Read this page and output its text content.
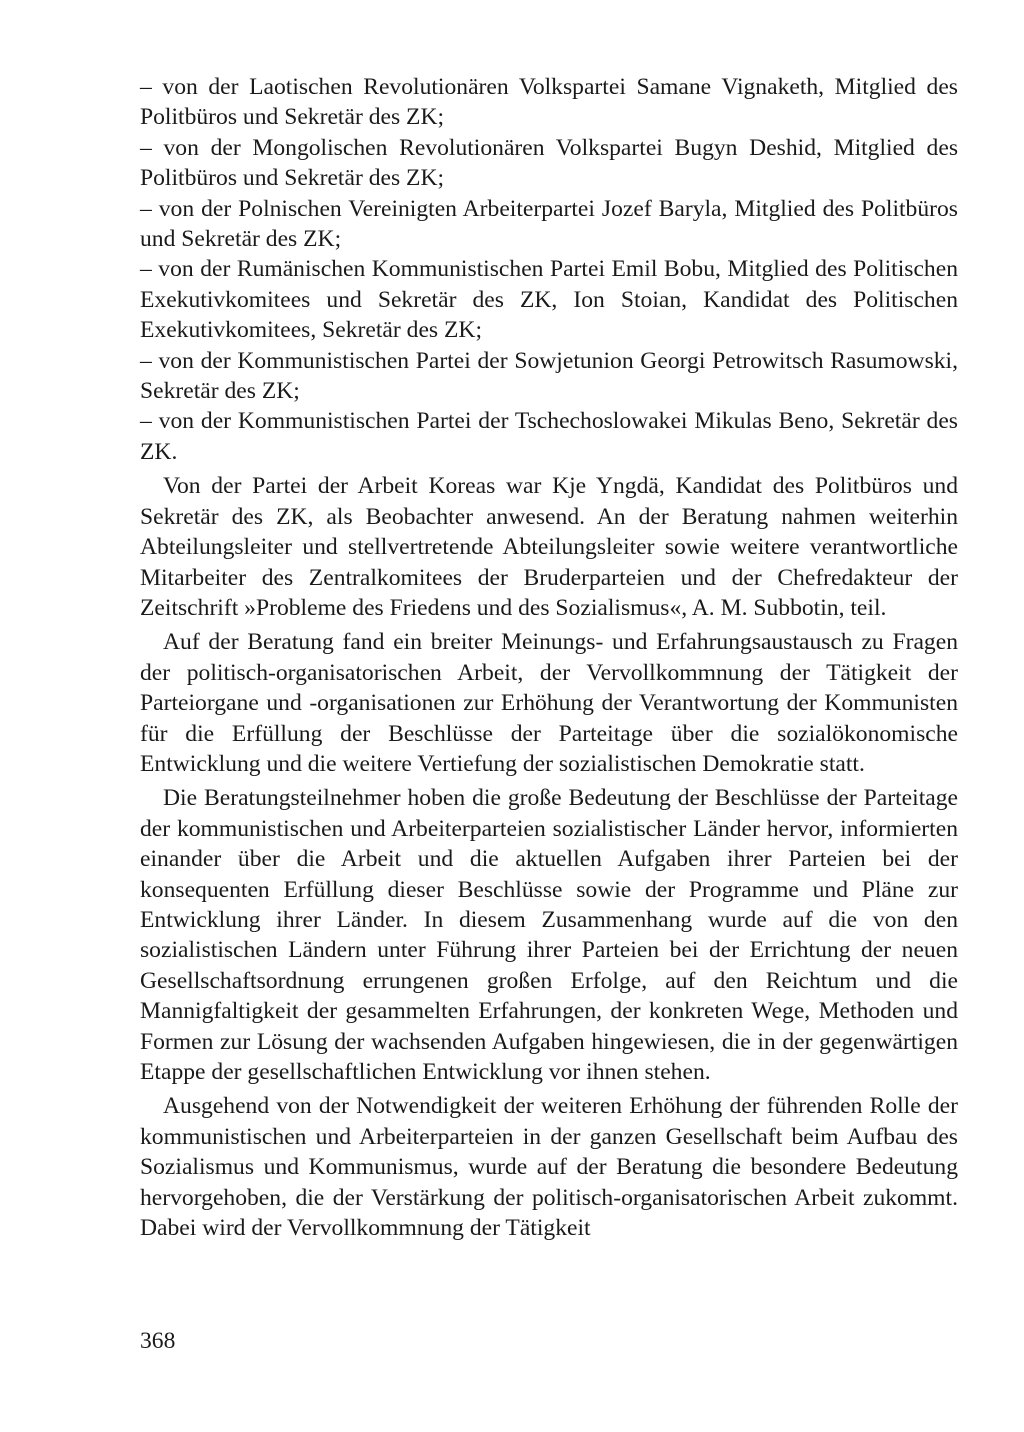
– von der Laotischen Revolutionären Volkspartei Samane Vignaketh, Mitglied des Politbüros und Sekretär des ZK;

– von der Mongolischen Revolutionären Volkspartei Bugyn Deshid, Mitglied des Politbüros und Sekretär des ZK;

– von der Polnischen Vereinigten Arbeiterpartei Jozef Baryla, Mitglied des Politbüros und Sekretär des ZK;

– von der Rumänischen Kommunistischen Partei Emil Bobu, Mitglied des Politischen Exekutivkomitees und Sekretär des ZK, Ion Stoian, Kandidat des Politischen Exekutivkomitees, Sekretär des ZK;

– von der Kommunistischen Partei der Sowjetunion Georgi Petrowitsch Rasumowski, Sekretär des ZK;

– von der Kommunistischen Partei der Tschechoslowakei Mikulas Beno, Sekretär des ZK.

Von der Partei der Arbeit Koreas war Kje Yngdä, Kandidat des Politbüros und Sekretär des ZK, als Beobachter anwesend. An der Beratung nahmen weiterhin Abteilungsleiter und stellvertretende Abteilungsleiter sowie weitere verantwortliche Mitarbeiter des Zentralkomitees der Bruderparteien und der Chefredakteur der Zeitschrift »Probleme des Friedens und des Sozialismus«, A. M. Subbotin, teil.

Auf der Beratung fand ein breiter Meinungs- und Erfahrungsaustausch zu Fragen der politisch-organisatorischen Arbeit, der Vervollkommnung der Tätigkeit der Parteiorgane und -organisationen zur Erhöhung der Verantwortung der Kommunisten für die Erfüllung der Beschlüsse der Parteitage über die sozialökonomische Entwicklung und die weitere Vertiefung der sozialistischen Demokratie statt.

Die Beratungsteilnehmer hoben die große Bedeutung der Beschlüsse der Parteitage der kommunistischen und Arbeiterparteien sozialistischer Länder hervor, informierten einander über die Arbeit und die aktuellen Aufgaben ihrer Parteien bei der konsequenten Erfüllung dieser Beschlüsse sowie der Programme und Pläne zur Entwicklung ihrer Länder. In diesem Zusammenhang wurde auf die von den sozialistischen Ländern unter Führung ihrer Parteien bei der Errichtung der neuen Gesellschaftsordnung errungenen großen Erfolge, auf den Reichtum und die Mannigfaltigkeit der gesammelten Erfahrungen, der konkreten Wege, Methoden und Formen zur Lösung der wachsenden Aufgaben hingewiesen, die in der gegenwärtigen Etappe der gesellschaftlichen Entwicklung vor ihnen stehen.

Ausgehend von der Notwendigkeit der weiteren Erhöhung der führenden Rolle der kommunistischen und Arbeiterparteien in der ganzen Gesellschaft beim Aufbau des Sozialismus und Kommunismus, wurde auf der Beratung die besondere Bedeutung hervorgehoben, die der Verstärkung der politisch-organisatorischen Arbeit zukommt. Dabei wird der Vervollkommnung der Tätigkeit

368
